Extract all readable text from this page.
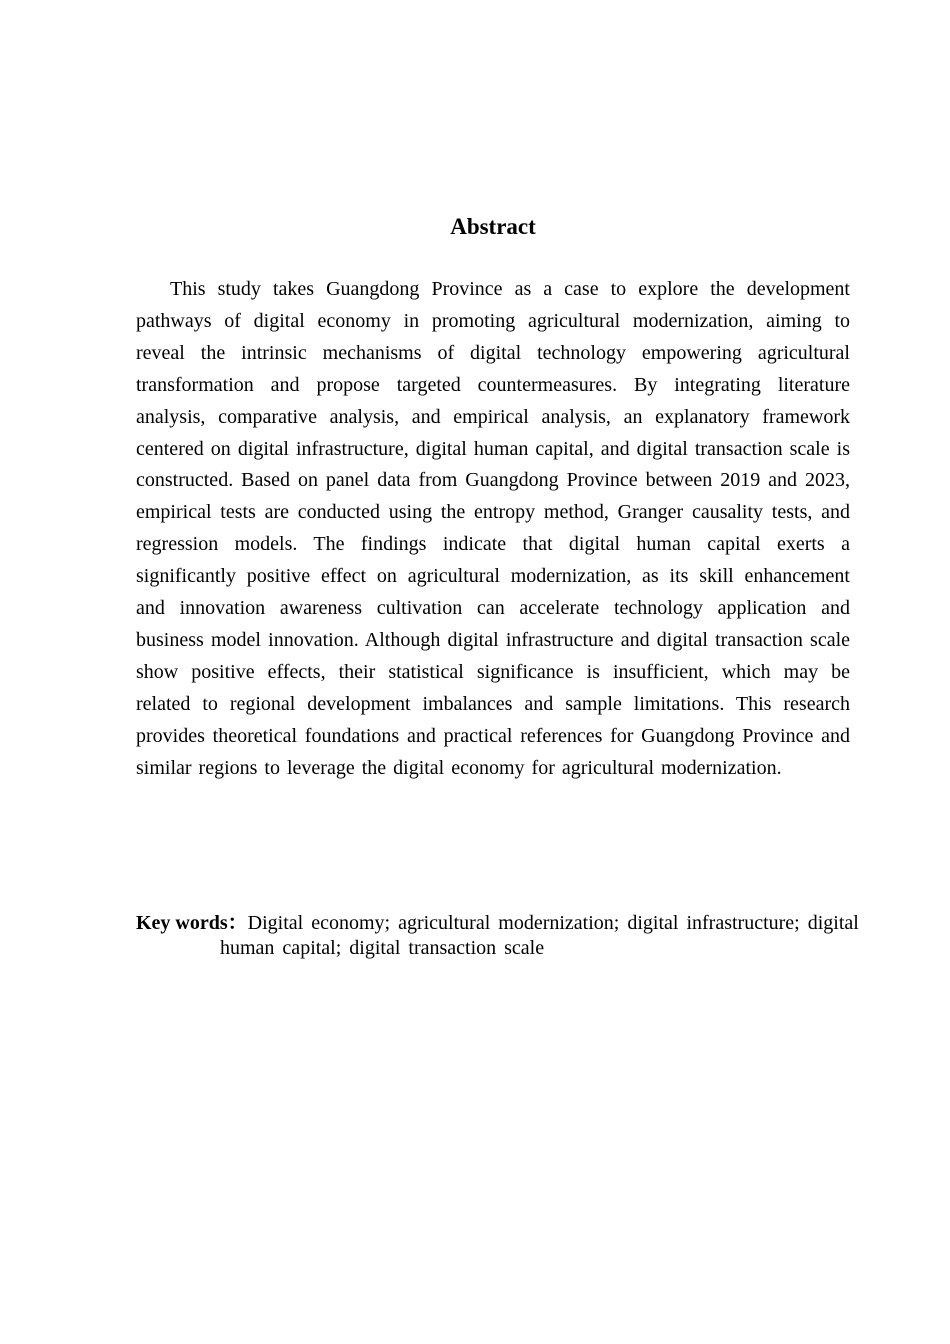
Abstract

This study takes Guangdong Province as a case to explore the development pathways of digital economy in promoting agricultural modernization, aiming to reveal the intrinsic mechanisms of digital technology empowering agricultural transformation and propose targeted countermeasures. By integrating literature analysis, comparative analysis, and empirical analysis, an explanatory framework centered on digital infrastructure, digital human capital, and digital transaction scale is constructed. Based on panel data from Guangdong Province between 2019 and 2023, empirical tests are conducted using the entropy method, Granger causality tests, and regression models. The findings indicate that digital human capital exerts a significantly positive effect on agricultural modernization, as its skill enhancement and innovation awareness cultivation can accelerate technology application and business model innovation. Although digital infrastructure and digital transaction scale show positive effects, their statistical significance is insufficient, which may be related to regional development imbalances and sample limitations. This research provides theoretical foundations and practical references for Guangdong Province and similar regions to leverage the digital economy for agricultural modernization.

Key words：Digital economy; agricultural modernization; digital infrastructure; digital human capital; digital transaction scale
